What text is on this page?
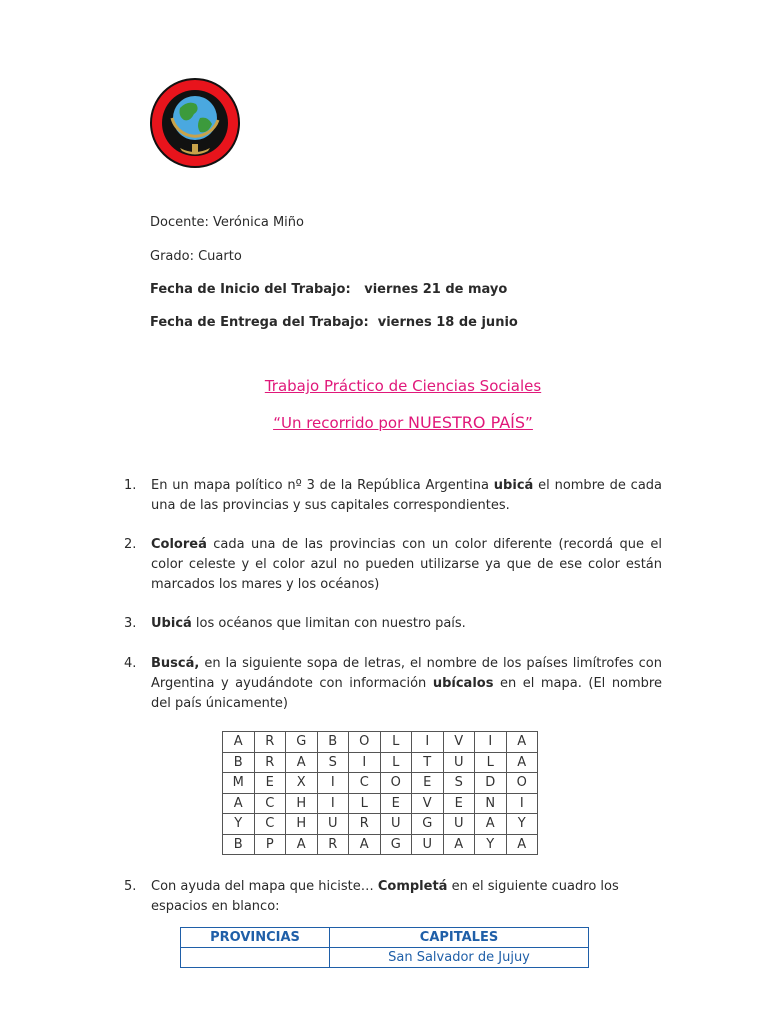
Docente: Verónica Miño
Grado: Cuarto
Fecha de Inicio del Trabajo: viernes 21 de mayo
Fecha de Entrega del Trabajo: viernes 18 de junio
Trabajo Práctico de Ciencias Sociales
“Un recorrido por NUESTRO PAÍS”
1. En un mapa político nº 3 de la República Argentina ubicá el nombre de cada una de las provincias y sus capitales correspondientes.
2. Coloreá cada una de las provincias con un color diferente (recordá que el color celeste y el color azul no pueden utilizarse ya que de ese color están marcados los mares y los océanos)
3. Ubicá los océanos que limitan con nuestro país.
4. Buscá, en la siguiente sopa de letras, el nombre de los países limítrofes con Argentina y ayudándote con información ubícalos en el mapa. (El nombre del país únicamente)
A	R	G	B	O	L	I	V	I	A
B	R	A	S	I	L	T	U	L	A
M	E	X	I	C	O	E	S	D	O
A	C	H	I	L	E	V	E	N	I
Y	C	H	U	R	U	G	U	A	Y
B	P	A	R	A	G	U	A	Y	A
5. Con ayuda del mapa que hiciste… Completá en el siguiente cuadro los espacios en blanco:
PROVINCIAS	CAPITALES
	San Salvador de Jujuy
